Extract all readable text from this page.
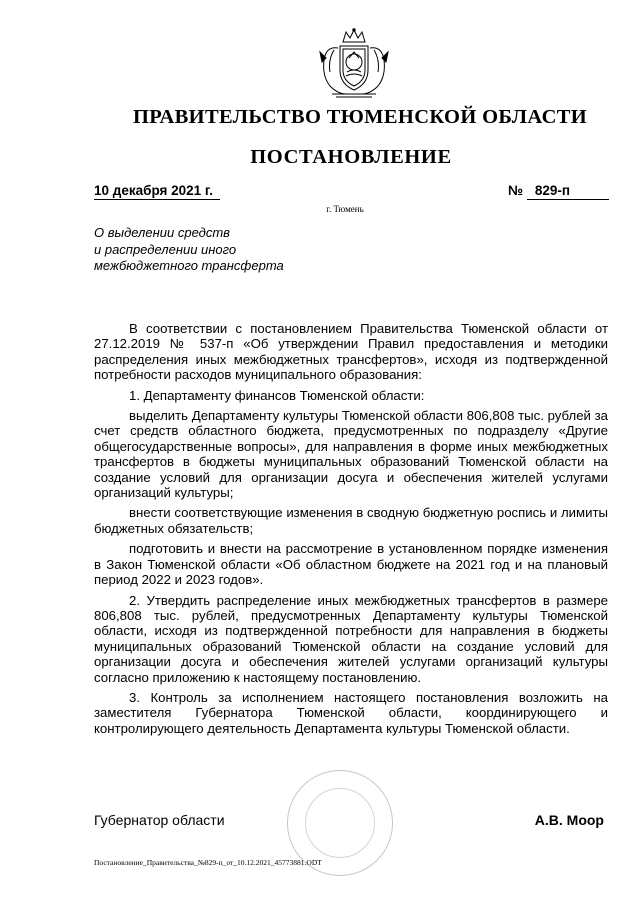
ПРАВИТЕЛЬСТВО ТЮМЕНСКОЙ ОБЛАСТИ
ПОСТАНОВЛЕНИЕ
10 декабря 2021 г.	№ 829-п
г. Тюмень
О выделении средств
и распределении иного
межбюджетного трансферта

В соответствии с постановлением Правительства Тюменской области от 27.12.2019 № 537-п «Об утверждении Правил предоставления и методики распределения иных межбюджетных трансфертов», исходя из подтвержденной потребности расходов муниципального образования:

1. Департаменту финансов Тюменской области:

выделить Департаменту культуры Тюменской области 806,808 тыс. рублей за счет средств областного бюджета, предусмотренных по подразделу «Другие общегосударственные вопросы», для направления в форме иных межбюджетных трансфертов в бюджеты муниципальных образований Тюменской области на создание условий для организации досуга и обеспечения жителей услугами организаций культуры;

внести соответствующие изменения в сводную бюджетную роспись и лимиты бюджетных обязательств;

подготовить и внести на рассмотрение в установленном порядке изменения в Закон Тюменской области «Об областном бюджете на 2021 год и на плановый период 2022 и 2023 годов».

2. Утвердить распределение иных межбюджетных трансфертов в размере 806,808 тыс. рублей, предусмотренных Департаменту культуры Тюменской области, исходя из подтвержденной потребности для направления в бюджеты муниципальных образований Тюменской области на создание условий для организации досуга и обеспечения жителей услугами организаций культуры согласно приложению к настоящему постановлению.

3. Контроль за исполнением настоящего постановления возложить на заместителя Губернатора Тюменской области, координирующего и контролирующего деятельность Департамента культуры Тюменской области.

Губернатор области	А.В. Моор
Постановление_Правительства_№829-п_от_10.12.2021_45773881.ODT
